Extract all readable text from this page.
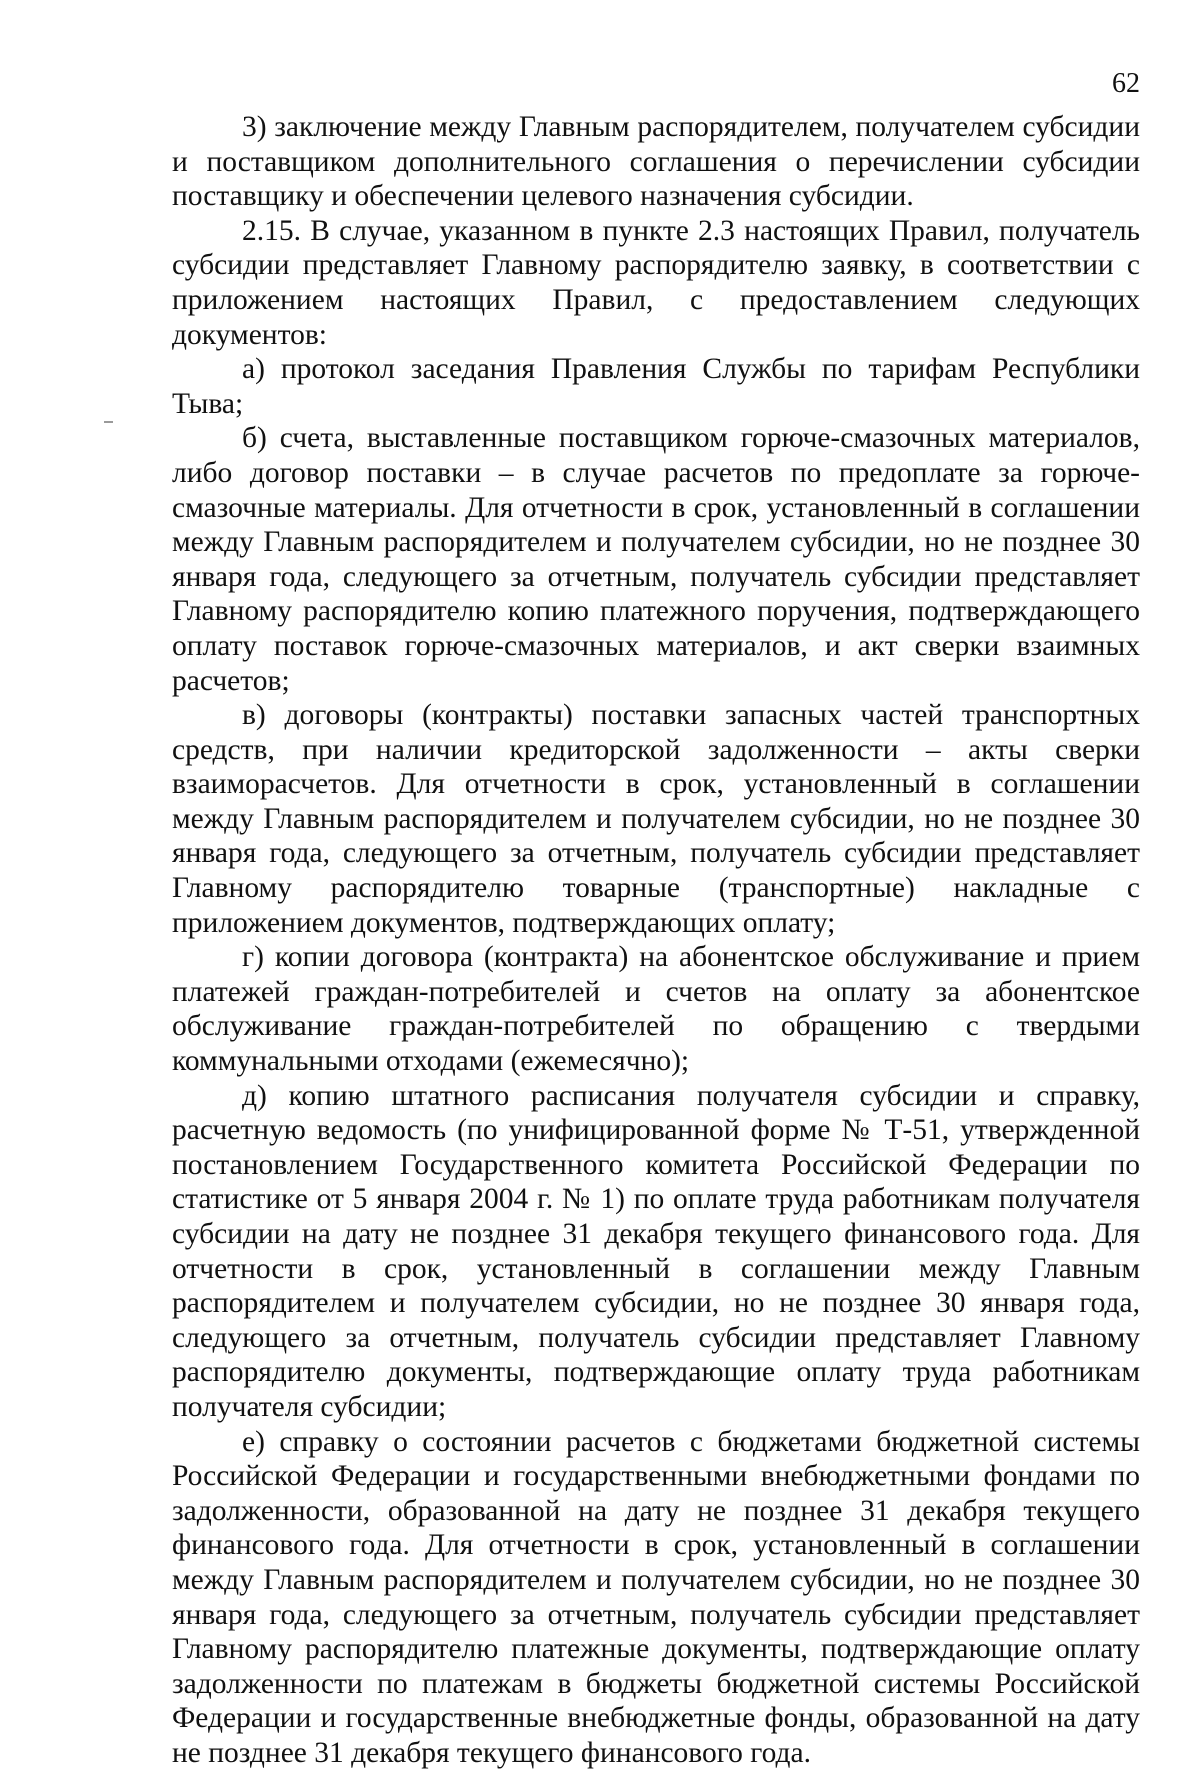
62

3) заключение между Главным распорядителем, получателем субсидии и поставщиком дополнительного соглашения о перечислении субсидии поставщику и обеспечении целевого назначения субсидии.

2.15. В случае, указанном в пункте 2.3 настоящих Правил, получатель субсидии представляет Главному распорядителю заявку, в соответствии с приложением настоящих Правил, с предоставлением следующих документов:

а) протокол заседания Правления Службы по тарифам Республики Тыва;

б) счета, выставленные поставщиком горюче-смазочных материалов, либо договор поставки – в случае расчетов по предоплате за горюче-смазочные материалы. Для отчетности в срок, установленный в соглашении между Главным распорядителем и получателем субсидии, но не позднее 30 января года, следующего за отчетным, получатель субсидии представляет Главному распорядителю копию платежного поручения, подтверждающего оплату поставок горюче-смазочных материалов, и акт сверки взаимных расчетов;

в) договоры (контракты) поставки запасных частей транспортных средств, при наличии кредиторской задолженности – акты сверки взаиморасчетов. Для отчетности в срок, установленный в соглашении между Главным распорядителем и получателем субсидии, но не позднее 30 января года, следующего за отчетным, получатель субсидии представляет Главному распорядителю товарные (транспортные) накладные с приложением документов, подтверждающих оплату;

г) копии договора (контракта) на абонентское обслуживание и прием платежей граждан-потребителей и счетов на оплату за абонентское обслуживание граждан-потребителей по обращению с твердыми коммунальными отходами (ежемесячно);

д) копию штатного расписания получателя субсидии и справку, расчетную ведомость (по унифицированной форме № Т-51, утвержденной постановлением Государственного комитета Российской Федерации по статистике от 5 января 2004 г. № 1) по оплате труда работникам получателя субсидии на дату не позднее 31 декабря текущего финансового года. Для отчетности в срок, установленный в соглашении между Главным распорядителем и получателем субсидии, но не позднее 30 января года, следующего за отчетным, получатель субсидии представляет Главному распорядителю документы, подтверждающие оплату труда работникам получателя субсидии;

е) справку о состоянии расчетов с бюджетами бюджетной системы Российской Федерации и государственными внебюджетными фондами по задолженности, образованной на дату не позднее 31 декабря текущего финансового года. Для отчетности в срок, установленный в соглашении между Главным распорядителем и получателем субсидии, но не позднее 30 января года, следующего за отчетным, получатель субсидии представляет Главному распорядителю платежные документы, подтверждающие оплату задолженности по платежам в бюджеты бюджетной системы Российской Федерации и государственные внебюджетные фонды, образованной на дату не позднее 31 декабря текущего финансового года.
